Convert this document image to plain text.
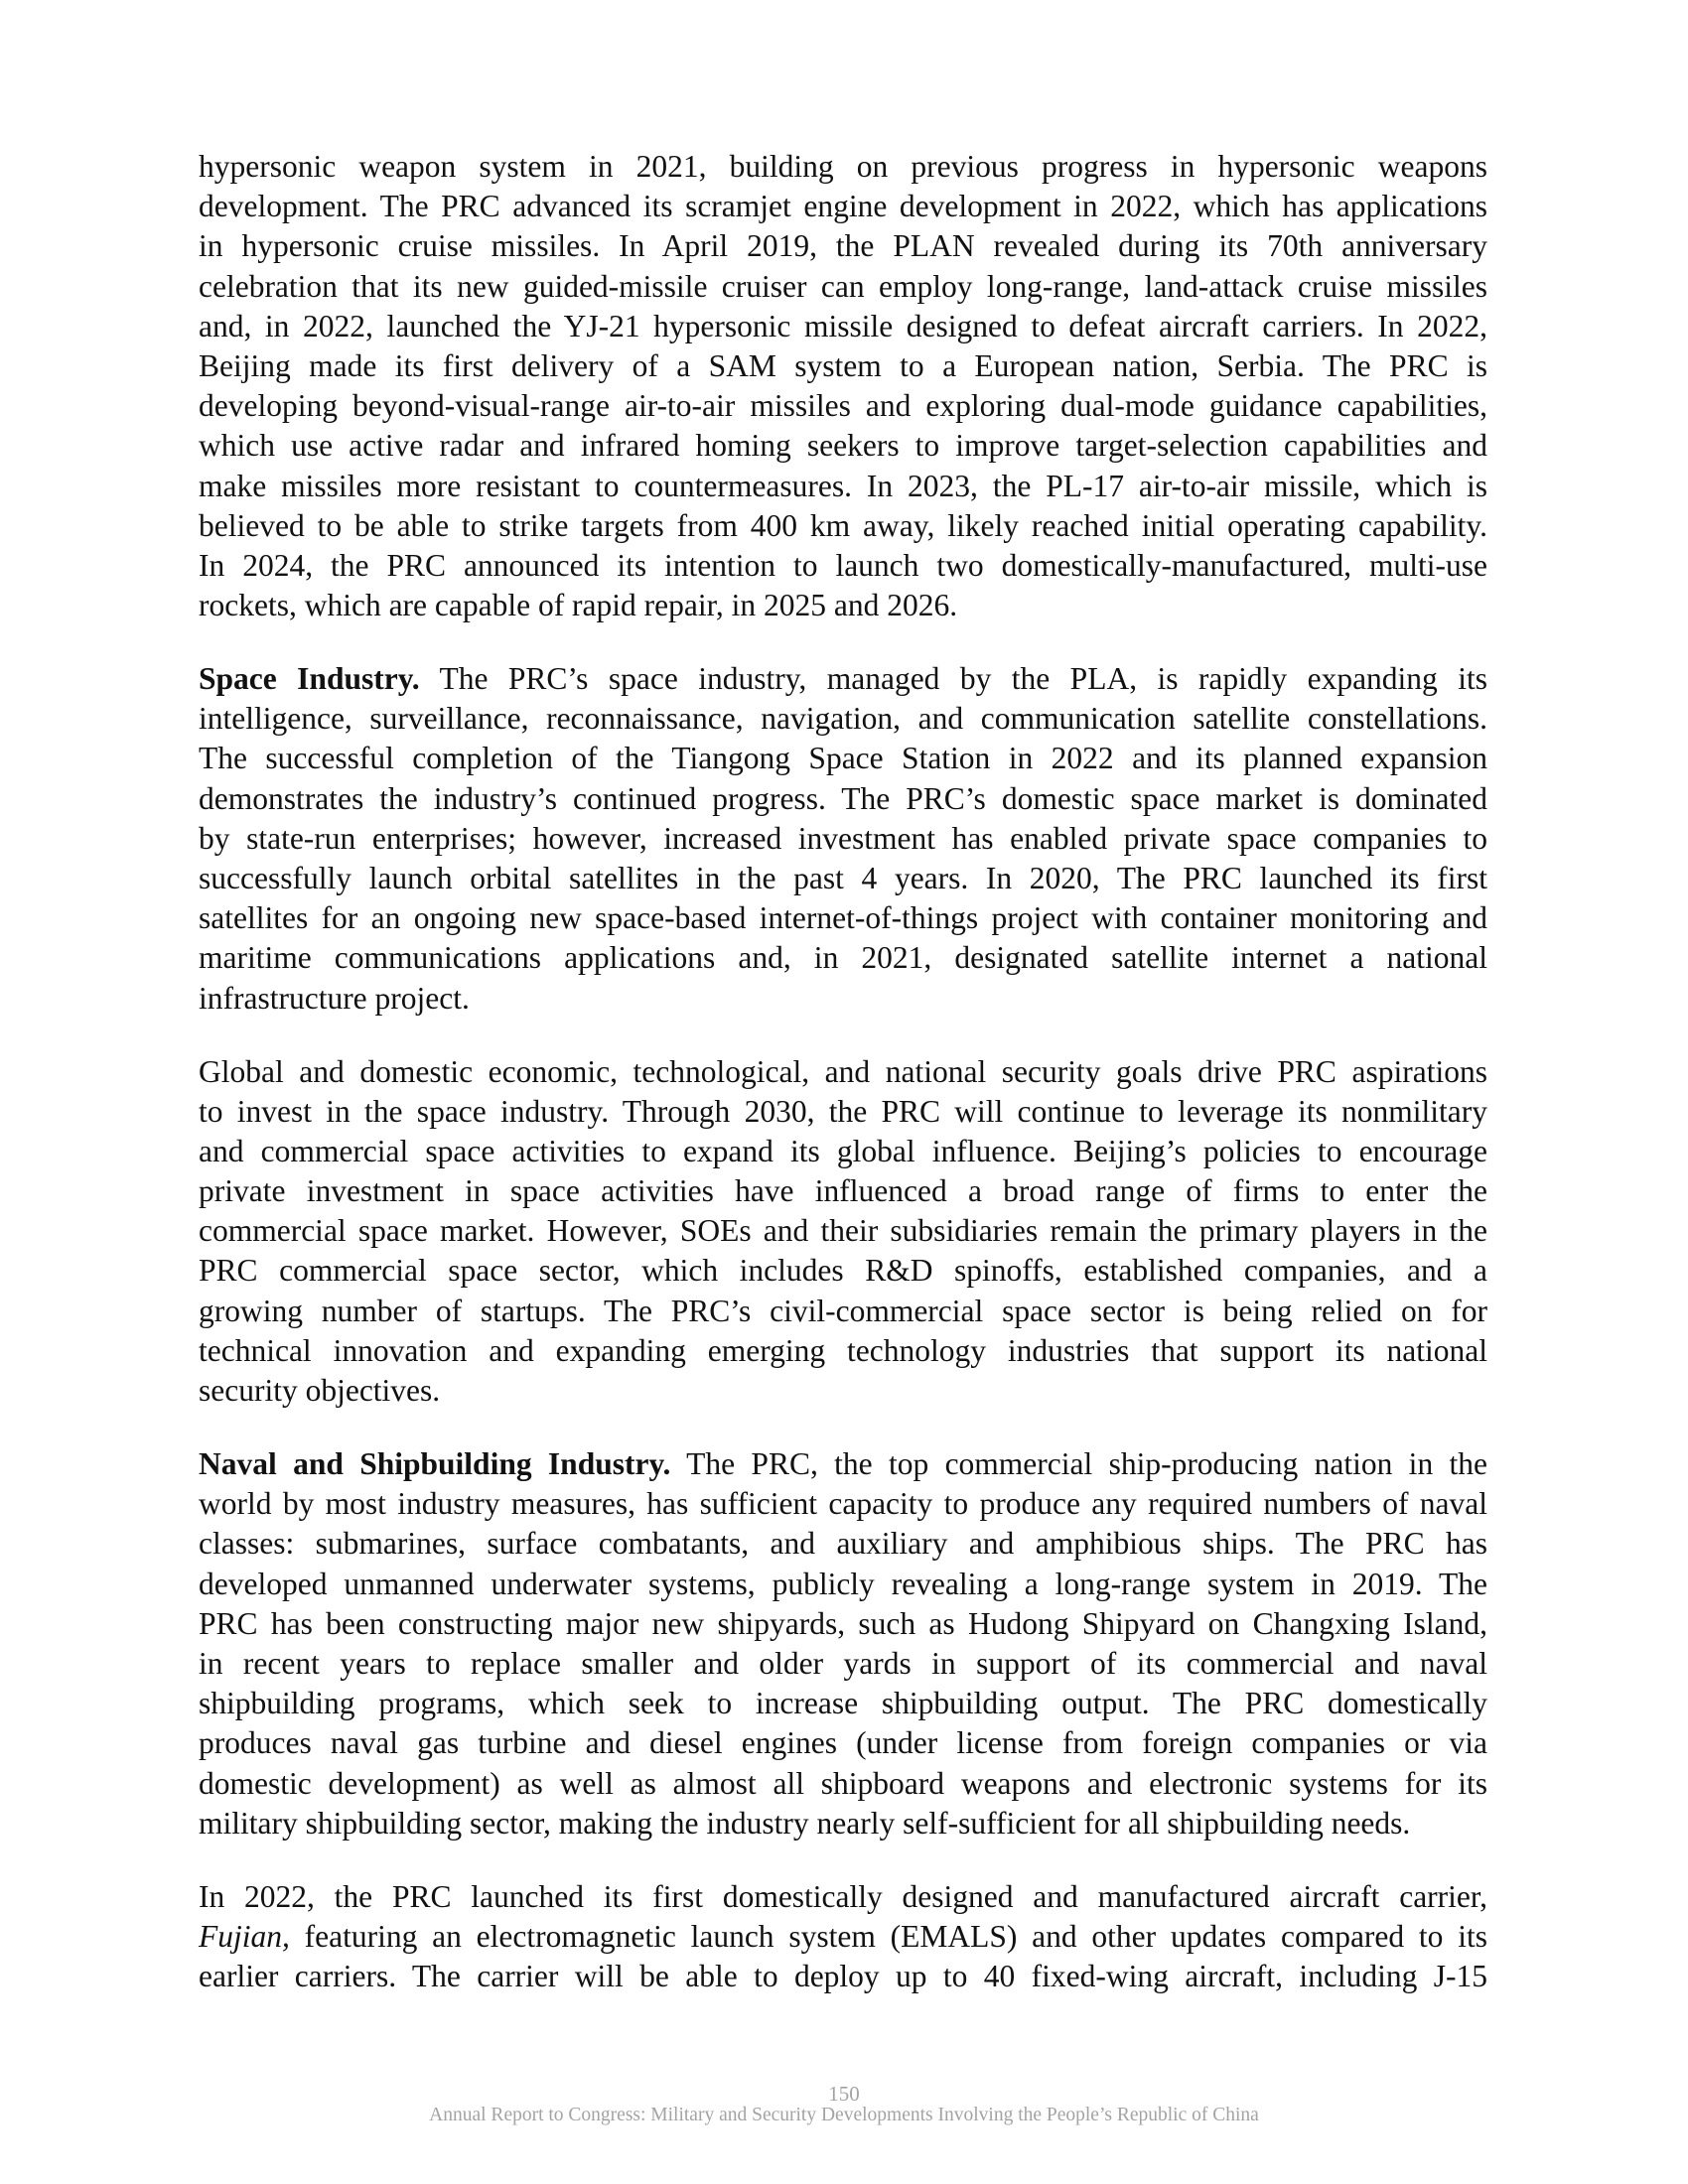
hypersonic weapon system in 2021, building on previous progress in hypersonic weapons
development. The PRC advanced its scramjet engine development in 2022, which has applications
in hypersonic cruise missiles. In April 2019, the PLAN revealed during its 70th anniversary
celebration that its new guided-missile cruiser can employ long-range, land-attack cruise missiles
and, in 2022, launched the YJ-21 hypersonic missile designed to defeat aircraft carriers. In 2022,
Beijing made its first delivery of a SAM system to a European nation, Serbia. The PRC is
developing beyond-visual-range air-to-air missiles and exploring dual-mode guidance capabilities,
which use active radar and infrared homing seekers to improve target-selection capabilities and
make missiles more resistant to countermeasures. In 2023, the PL-17 air-to-air missile, which is
believed to be able to strike targets from 400 km away, likely reached initial operating capability.
In 2024, the PRC announced its intention to launch two domestically-manufactured, multi-use
rockets, which are capable of rapid repair, in 2025 and 2026.

Space Industry. The PRC’s space industry, managed by the PLA, is rapidly expanding its
intelligence, surveillance, reconnaissance, navigation, and communication satellite constellations.
The successful completion of the Tiangong Space Station in 2022 and its planned expansion
demonstrates the industry’s continued progress. The PRC’s domestic space market is dominated
by state-run enterprises; however, increased investment has enabled private space companies to
successfully launch orbital satellites in the past 4 years. In 2020, The PRC launched its first
satellites for an ongoing new space-based internet-of-things project with container monitoring and
maritime communications applications and, in 2021, designated satellite internet a national
infrastructure project.

Global and domestic economic, technological, and national security goals drive PRC aspirations
to invest in the space industry. Through 2030, the PRC will continue to leverage its nonmilitary
and commercial space activities to expand its global influence. Beijing’s policies to encourage
private investment in space activities have influenced a broad range of firms to enter the
commercial space market. However, SOEs and their subsidiaries remain the primary players in the
PRC commercial space sector, which includes R&D spinoffs, established companies, and a
growing number of startups. The PRC’s civil-commercial space sector is being relied on for
technical innovation and expanding emerging technology industries that support its national
security objectives.

Naval and Shipbuilding Industry. The PRC, the top commercial ship-producing nation in the
world by most industry measures, has sufficient capacity to produce any required numbers of naval
classes: submarines, surface combatants, and auxiliary and amphibious ships. The PRC has
developed unmanned underwater systems, publicly revealing a long-range system in 2019. The
PRC has been constructing major new shipyards, such as Hudong Shipyard on Changxing Island,
in recent years to replace smaller and older yards in support of its commercial and naval
shipbuilding programs, which seek to increase shipbuilding output. The PRC domestically
produces naval gas turbine and diesel engines (under license from foreign companies or via
domestic development) as well as almost all shipboard weapons and electronic systems for its
military shipbuilding sector, making the industry nearly self-sufficient for all shipbuilding needs.

In 2022, the PRC launched its first domestically designed and manufactured aircraft carrier,
Fujian, featuring an electromagnetic launch system (EMALS) and other updates compared to its
earlier carriers. The carrier will be able to deploy up to 40 fixed-wing aircraft, including J-15

150
Annual Report to Congress: Military and Security Developments Involving the People’s Republic of China
